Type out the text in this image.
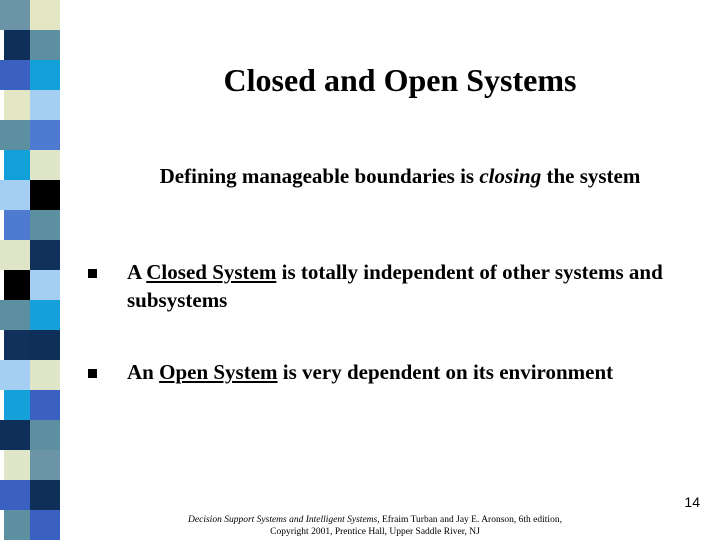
Closed and Open Systems
Defining manageable boundaries is closing the system
A Closed System is totally independent of other systems and subsystems
An Open System is very dependent on its environment
14
Decision Support Systems and Intelligent Systems, Efraim Turban and Jay E. Aronson, 6th edition,
Copyright 2001, Prentice Hall, Upper Saddle River, NJ
